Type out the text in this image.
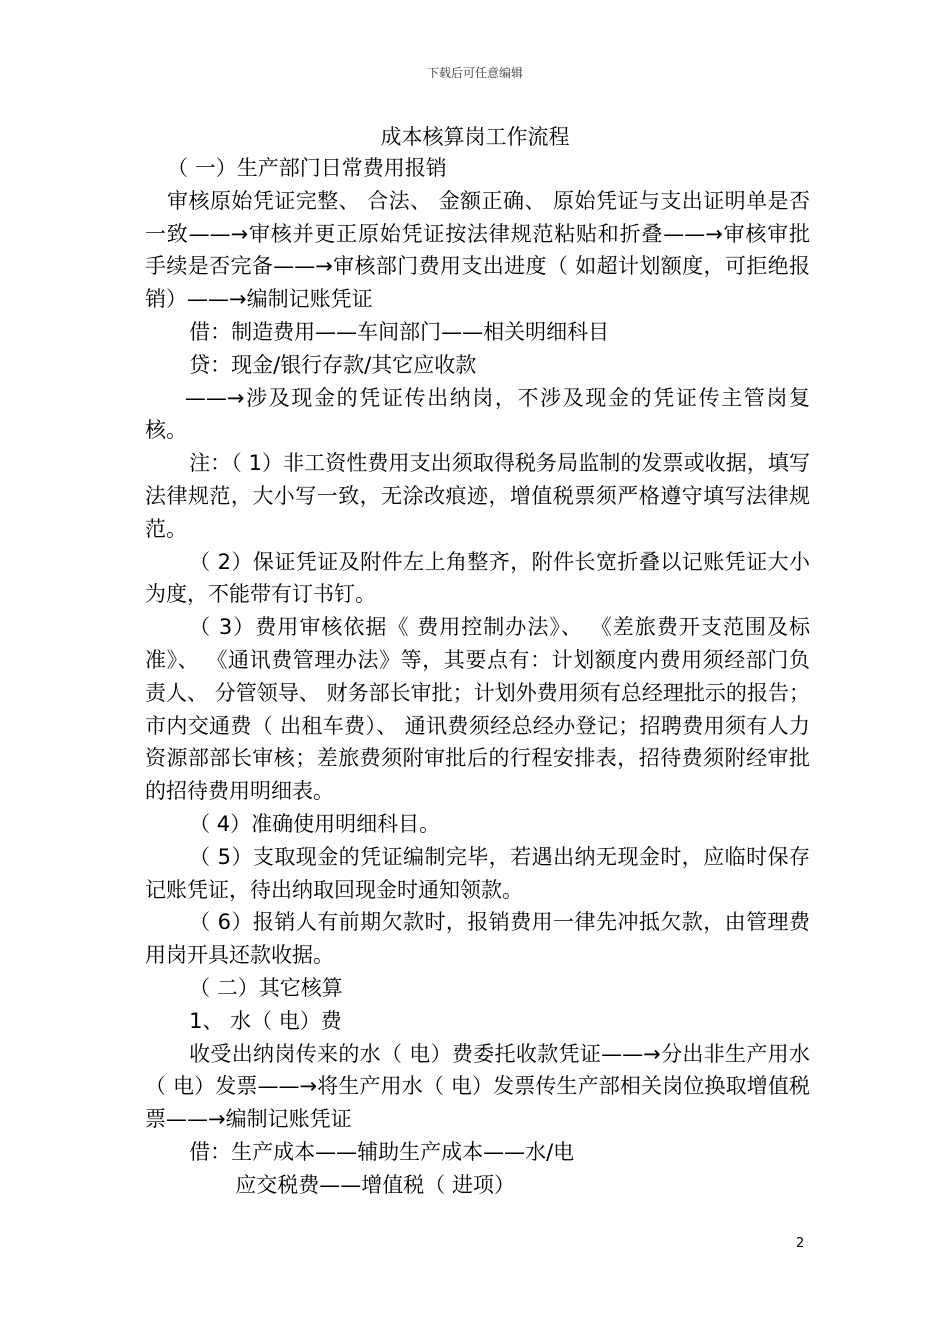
下载后可任意编辑
成本核算岗工作流程

（ 一）生产部门日常费用报销

审核原始凭证完整、 合法、 金额正确、 原始凭证与支出证明单是否一致——→审核并更正原始凭证按法律规范粘贴和折叠——→审核审批手续是否完备——→审核部门费用支出进度（ 如超计划额度，可拒绝报销）——→编制记账凭证

借：制造费用——车间部门——相关明细科目

贷：现金/银行存款/其它应收款

——→涉及现金的凭证传出纳岗，不涉及现金的凭证传主管岗复核。

注：（ 1）非工资性费用支出须取得税务局监制的发票或收据，填写法律规范，大小写一致，无涂改痕迹，增值税票须严格遵守填写法律规范。

（ 2）保证凭证及附件左上角整齐，附件长宽折叠以记账凭证大小为度，不能带有订书钉。

（ 3）费用审核依据《 费用控制办法》、 《差旅费开支范围及标准》、 《通讯费管理办法》等，其要点有：计划额度内费用须经部门负责人、 分管领导、 财务部长审批；计划外费用须有总经理批示的报告；市内交通费（ 出租车费）、 通讯费须经总经办登记；招聘费用须有人力资源部部长审核；差旅费须附审批后的行程安排表，招待费须附经审批的招待费用明细表。

（ 4）准确使用明细科目。

（ 5）支取现金的凭证编制完毕，若遇出纳无现金时，应临时保存记账凭证，待出纳取回现金时通知领款。

（ 6）报销人有前期欠款时，报销费用一律先冲抵欠款，由管理费用岗开具还款收据。

（ 二）其它核算

1、 水（ 电）费

收受出纳岗传来的水（ 电）费委托收款凭证——→分出非生产用水（ 电）发票——→将生产用水（ 电）发票传生产部相关岗位换取增值税票——→编制记账凭证

借：生产成本——辅助生产成本——水/电

应交税费——增值税（ 进项）

2
